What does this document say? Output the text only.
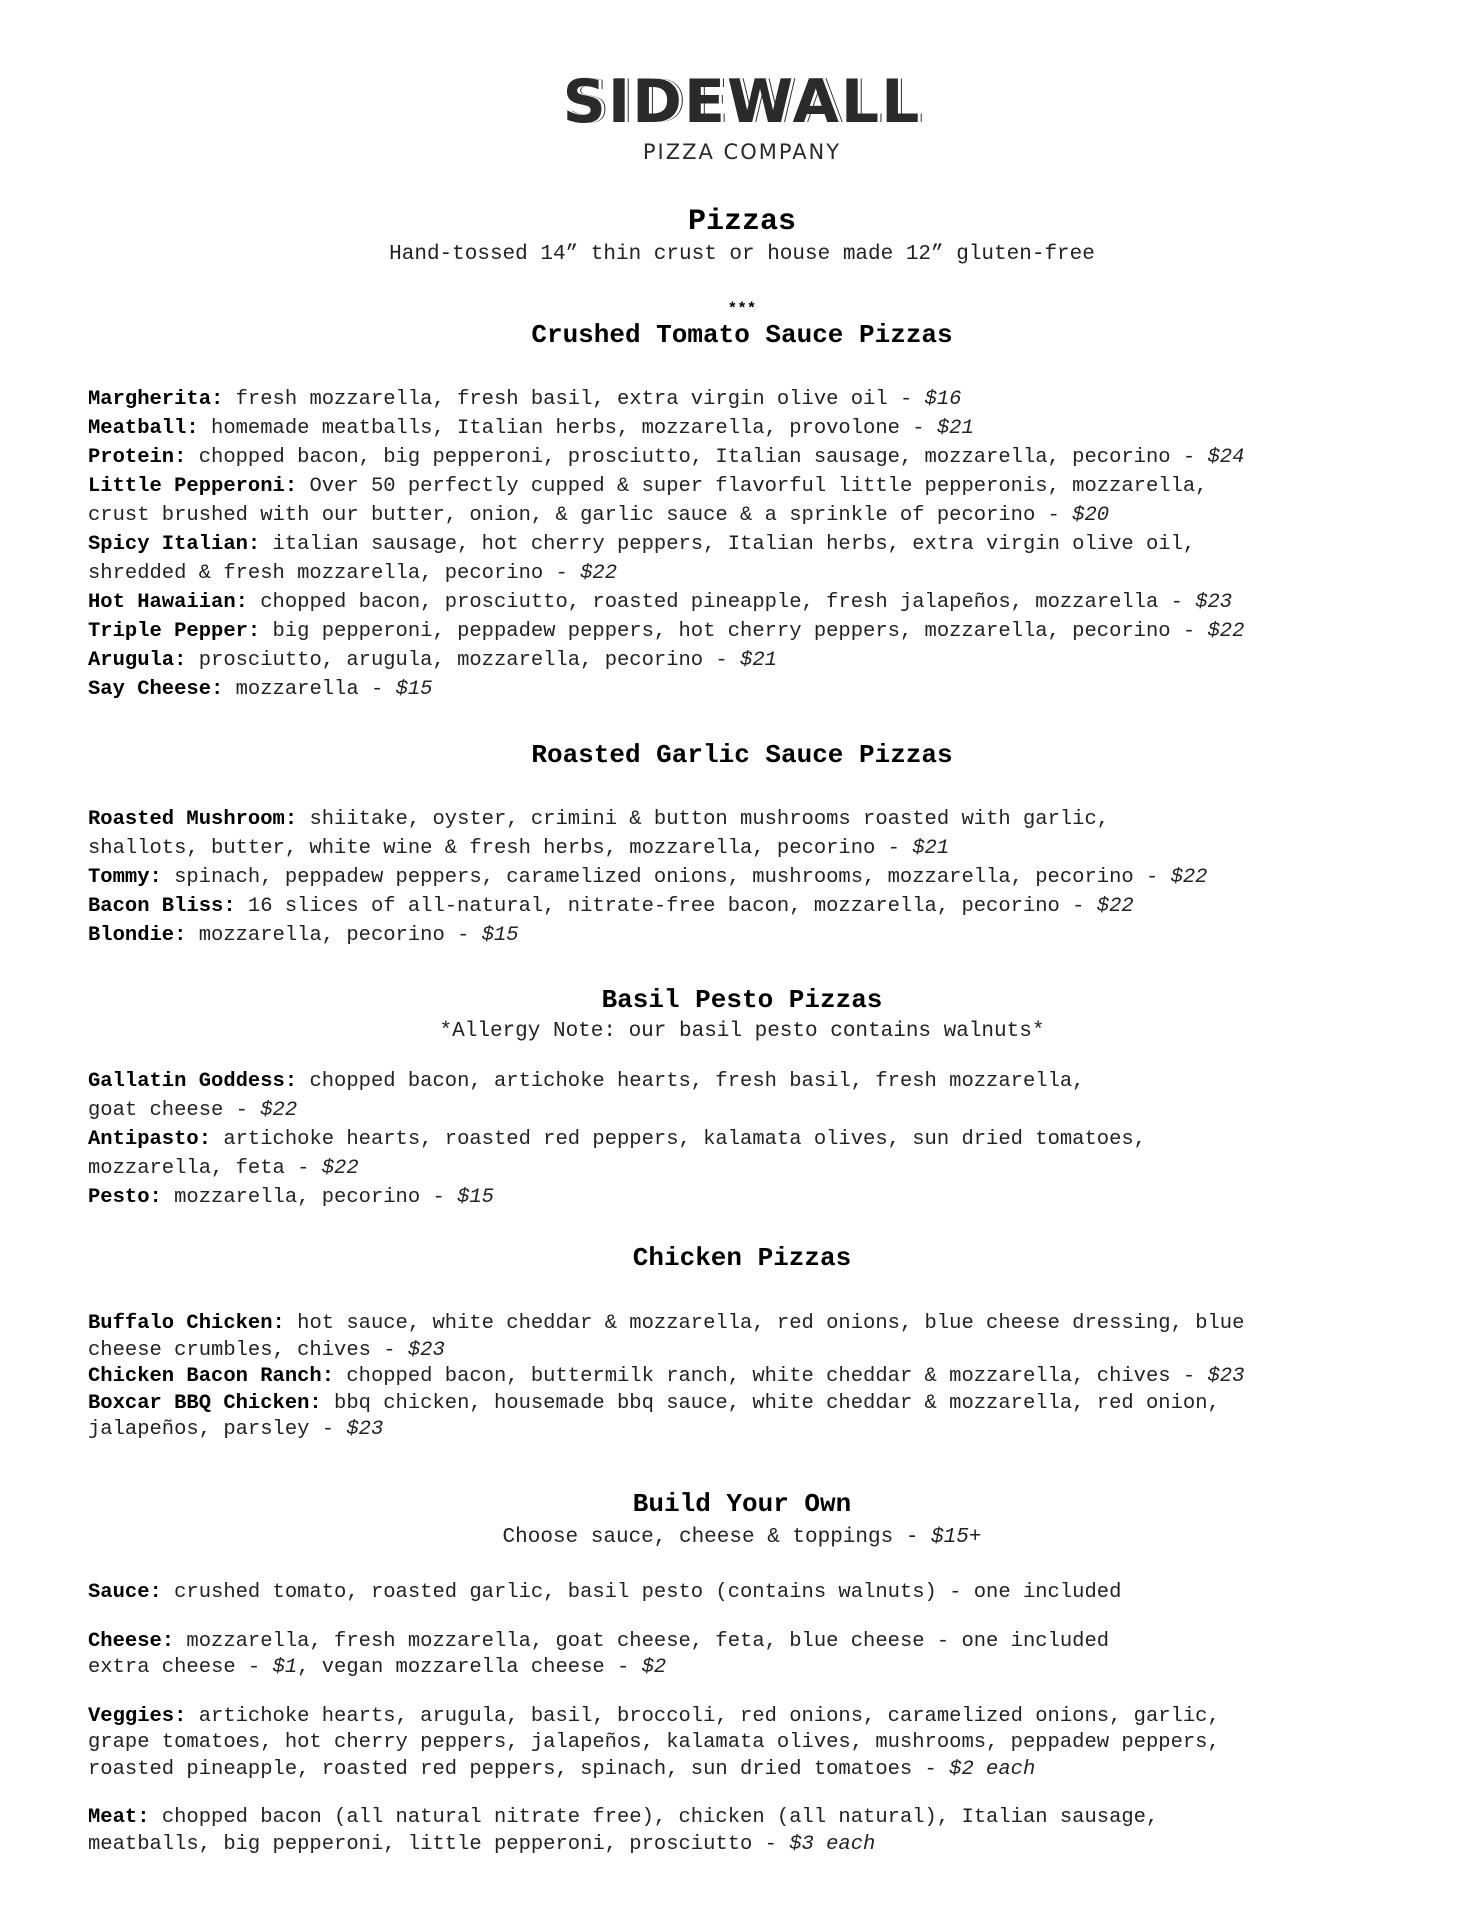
SIDEWALL
PIZZA COMPANY
Pizzas
Hand-tossed 14” thin crust or house made 12” gluten-free
***
Crushed Tomato Sauce Pizzas
Margherita: fresh mozzarella, fresh basil, extra virgin olive oil - $16
Meatball: homemade meatballs, Italian herbs, mozzarella, provolone - $21
Protein: chopped bacon, big pepperoni, prosciutto, Italian sausage, mozzarella, pecorino - $24
Little Pepperoni: Over 50 perfectly cupped & super flavorful little pepperonis, mozzarella,
crust brushed with our butter, onion, & garlic sauce & a sprinkle of pecorino - $20
Spicy Italian: italian sausage, hot cherry peppers, Italian herbs, extra virgin olive oil,
shredded & fresh mozzarella, pecorino - $22
Hot Hawaiian: chopped bacon, prosciutto, roasted pineapple, fresh jalapeños, mozzarella - $23
Triple Pepper: big pepperoni, peppadew peppers, hot cherry peppers, mozzarella, pecorino - $22
Arugula: prosciutto, arugula, mozzarella, pecorino - $21
Say Cheese: mozzarella - $15
Roasted Garlic Sauce Pizzas
Roasted Mushroom: shiitake, oyster, crimini & button mushrooms roasted with garlic,
shallots, butter, white wine & fresh herbs, mozzarella, pecorino - $21
Tommy: spinach, peppadew peppers, caramelized onions, mushrooms, mozzarella, pecorino - $22
Bacon Bliss: 16 slices of all-natural, nitrate-free bacon, mozzarella, pecorino - $22
Blondie: mozzarella, pecorino - $15
Basil Pesto Pizzas
*Allergy Note: our basil pesto contains walnuts*
Gallatin Goddess: chopped bacon, artichoke hearts, fresh basil, fresh mozzarella,
goat cheese - $22
Antipasto: artichoke hearts, roasted red peppers, kalamata olives, sun dried tomatoes,
mozzarella, feta - $22
Pesto: mozzarella, pecorino - $15
Chicken Pizzas
Buffalo Chicken: hot sauce, white cheddar & mozzarella, red onions, blue cheese dressing, blue
cheese crumbles, chives - $23
Chicken Bacon Ranch: chopped bacon, buttermilk ranch, white cheddar & mozzarella, chives - $23
Boxcar BBQ Chicken: bbq chicken, housemade bbq sauce, white cheddar & mozzarella, red onion,
jalapeños, parsley - $23
Build Your Own
Choose sauce, cheese & toppings - $15+
Sauce: crushed tomato, roasted garlic, basil pesto (contains walnuts) - one included
Cheese: mozzarella, fresh mozzarella, goat cheese, feta, blue cheese - one included
extra cheese - $1, vegan mozzarella cheese - $2
Veggies: artichoke hearts, arugula, basil, broccoli, red onions, caramelized onions, garlic,
grape tomatoes, hot cherry peppers, jalapeños, kalamata olives, mushrooms, peppadew peppers,
roasted pineapple, roasted red peppers, spinach, sun dried tomatoes - $2 each
Meat: chopped bacon (all natural nitrate free), chicken (all natural), Italian sausage,
meatballs, big pepperoni, little pepperoni, prosciutto - $3 each
